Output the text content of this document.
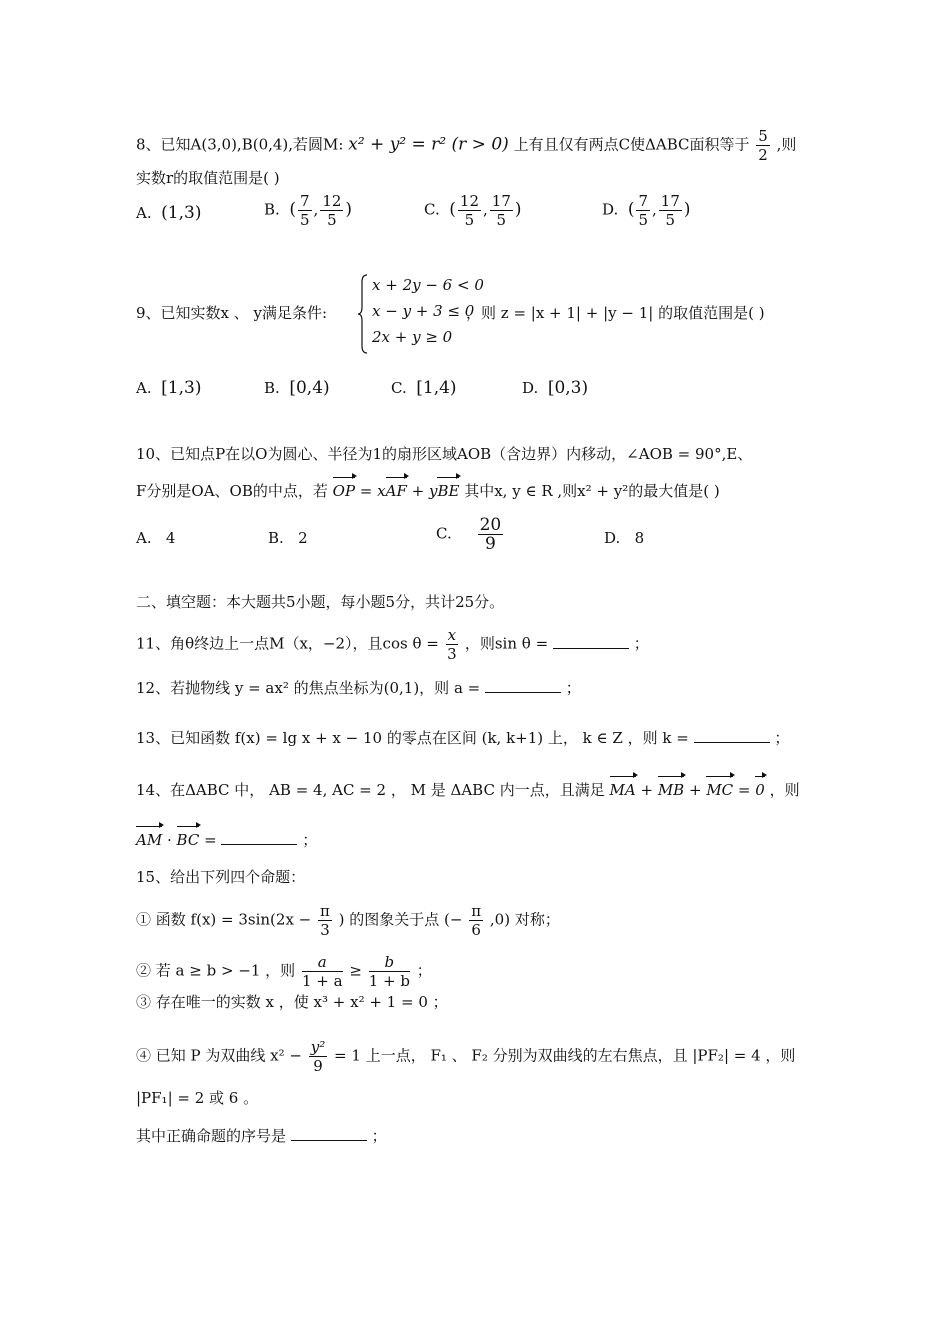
8、已知A(3,0),B(0,4),若圆M: x² + y² = r² (r > 0) 上有且仅有两点C使ΔABC面积等于 $\frac{5}{2}$ ,则
实数r的取值范围是( )
A. (1,3)	B. ( $\frac{7}{5}$ , $\frac{12}{5}$ )	C. ( $\frac{12}{5}$ , $\frac{17}{5}$ )	D. ( $\frac{7}{5}$ , $\frac{17}{5}$ )
9、已知实数x 、 y满足条件:
x + 2y − 6 < 0
x − y + 3 ≤ 0
2x + y ≥ 0
，则 z = |x + 1| + |y − 1| 的取值范围是( )
A. [1,3)	B. [0,4)	C. [1,4)	D. [0,3)
10、已知点P在以O为圆心、半径为1的扇形区域AOB（含边界）内移动，∠AOB = 90°,E、
F分别是OA、OB的中点，若 OP = xAF + yBE 其中x, y ∈ R ,则x² + y²的最大值是( )
A. 4	B. 2	C. $\frac{20}{9}$	D. 8
二、填空题：本大题共5小题，每小题5分，共计25分。
11、角θ终边上一点M（x，−2），且$\cos \theta = \frac{x}{3}$ ，则sin θ =	；
12、若抛物线 y = ax² 的焦点坐标为(0,1)，则 a =	；
13、已知函数 f(x) = lg x + x − 10 的零点在区间 (k, k+1) 上， k ∈ Z ，则 k =	；
14、在ΔABC 中， AB = 4, AC = 2 ， M 是 ΔABC 内一点，且满足 MA + MB + MC = 0 ，则
AM · BC =	；
15、给出下列四个命题：
① 函数 $f(x) = 3\sin(2x - \frac{\pi}{3}$ ) 的图象关于点 (− $\frac{\pi}{6} ,0$) 对称；
② 若 a ≥ b > −1 ，则 $\frac{a}{1 + a} \ge \frac{b}{1 + b}$ ；
③ 存在唯一的实数 x ，使 x³ + x² + 1 = 0 ；
④ 已知 P 为双曲线 $x^2 - \frac{\text{y²}}{9} = 1$ 上一点， F₁ 、 F₂ 分别为双曲线的左右焦点，且 |PF₂| = 4 ，则
|PF₁| = 2 或 6 。
其中正确命题的序号是	；
